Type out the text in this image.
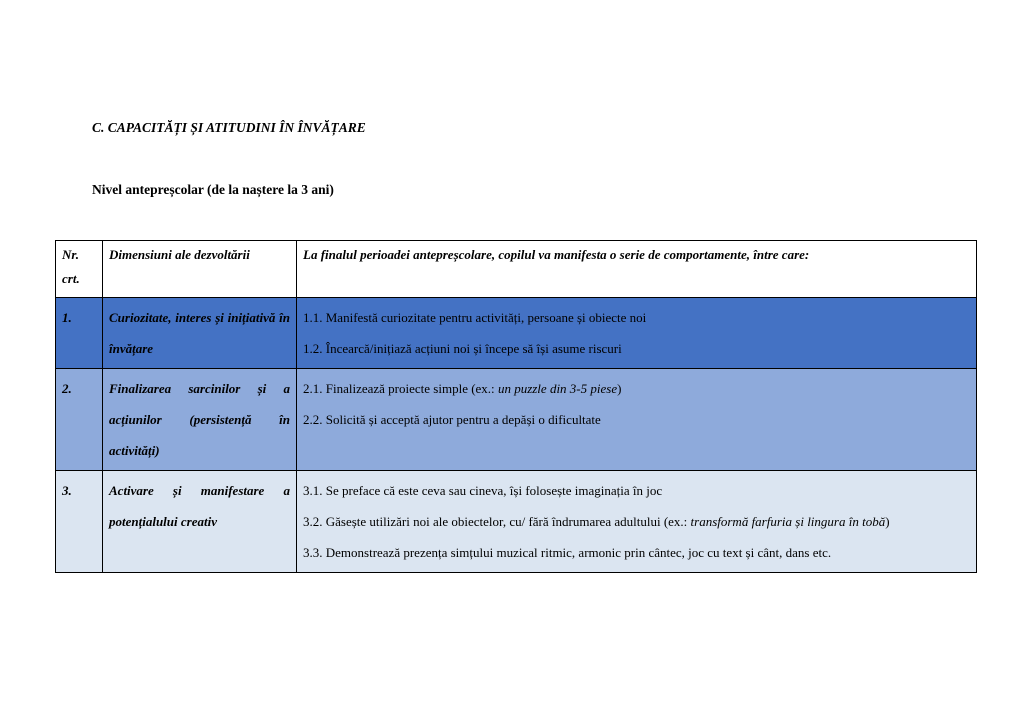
C. CAPACITĂȚI ȘI ATITUDINI ÎN ÎNVĂȚARE

Nivel antepreșcolar (de la naștere la 3 ani)

Nr. crt.	Dimensiuni ale dezvoltării	La finalul perioadei antepreșcolare, copilul va manifesta o serie de comportamente, între care:
1.	Curiozitate, interes și inițiativă în învățare	1.1. Manifestă curiozitate pentru activități, persoane și obiecte noi
1.2. Încearcă/inițiază acțiuni noi și începe să își asume riscuri

2.	Finalizarea sarcinilor și a acțiunilor (persistență în activități)	2.1. Finalizează proiecte simple (ex.: un puzzle din 3-5 piese)
2.2. Solicită și acceptă ajutor pentru a depăși o dificultate

3.	Activare și manifestare a potențialului creativ	3.1. Se preface că este ceva sau cineva, își folosește imaginația în joc
3.2. Găsește utilizări noi ale obiectelor, cu/ fără îndrumarea adultului (ex.: transformă farfuria și lingura în tobă)
3.3. Demonstrează prezența simțului muzical ritmic, armonic prin cântec, joc cu text și cânt, dans etc.
